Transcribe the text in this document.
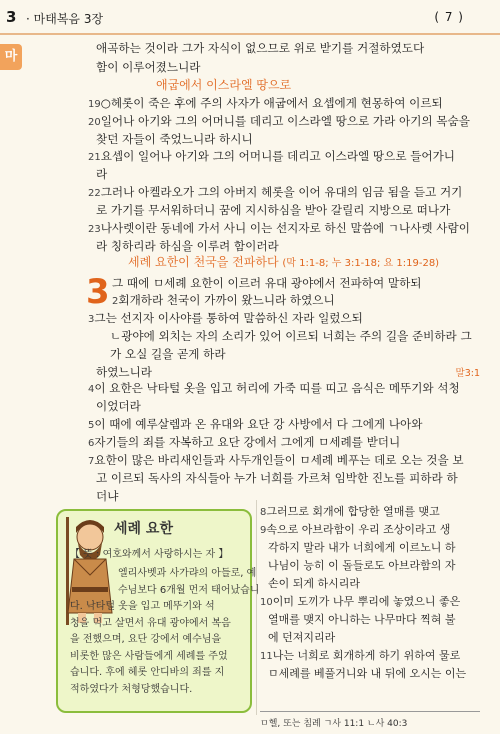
3 · 마태복음 3장	( 7 )
마
애곡하는 것이라 그가 자식이 없으므로 위로 받기를 거절하였도다
함이 이루어졌느니라
19○헤롯이 죽은 후에 주의 사자가 애굽에서 요셉에게 현몽하여 이르되
20일어나 아기와 그의 어머니를 데리고 이스라엘 땅으로 가라 아기의 목숨을
찾던 자들이 죽었느니라 하시니
21요셉이 일어나 아기와 그의 어머니를 데리고 이스라엘 땅으로 들어가니
라
22그러나 아켈라오가 그의 아버지 헤롯을 이어 유대의 임금 됨을 듣고 거기
로 가기를 무서워하더니 꿈에 지시하심을 받아 갈릴리 지방으로 떠나가
23나사렛이란 동네에 가서 사니 이는 선지자로 하신 말씀에 ㄱ나사렛 사람이
라 칭하리라 하심을 이루려 함이러라
그 때에 ㅁ세례 요한이 이르러 유대 광야에서 전파하여 말하되
2회개하라 천국이 가까이 왔느니라 하였으니
3그는 선지자 이사야를 통하여 말씀하신 자라 일렀으되
ㄴ광야에 외치는 자의 소리가 있어 이르되 너희는 주의 길을 준비하라 그
가 오실 길을 곧게 하라
하였느니라
4이 요한은 낙타털 옷을 입고 허리에 가죽 띠를 띠고 음식은 메뚜기와 석청
이었더라
5이 때에 예루살렘과 온 유대와 요단 강 사방에서 다 그에게 나아와
6자기들의 죄를 자복하고 요단 강에서 그에게 ㅁ세례를 받더니
7요한이 많은 바리새인들과 사두개인들이 ㅁ세례 베푸는 데로 오는 것을 보
고 이르되 독사의 자식들아 누가 너희를 가르쳐 임박한 진노를 피하라 하
더냐
애굽에서 이스라엘 땅으로
세례 요한이 천국을 전파하다 (막 1:1-8; 누 3:1-18; 요 1:19-28)
3
말3:1
8그러므로 회개에 합당한 열매를 맺고
9속으로 아브라함이 우리 조상이라고 생
각하지 말라 내가 너희에게 이르노니 하
나님이 능히 이 돌들로도 아브라함의 자
손이 되게 하시리라
10이미 도끼가 나무 뿌리에 놓였으니 좋은
열매를 맺지 아니하는 나무마다 찍혀 불
에 던져지리라
11나는 너희로 회개하게 하기 위하여 물로
ㅁ세례를 베풀거니와 내 뒤에 오시는 이는
세례 요한
【 뜻 : 여호와께서 사랑하시는 자 】
엘리사벳과 사가랴의 아들로, 예
수님보다 6개월 먼저 태어났습니
다. 낙타털 옷을 입고 메뚜기와 석
청을 먹고 살면서 유대 광야에서 복음
을 전했으며, 요단 강에서 예수님을
비롯한 많은 사람들에게 세례를 주었
습니다. 후에 헤롯 안디바의 죄를 지
적하였다가 처형당했습니다.
ㅁ헬, 또는 침례 ㄱ사 11:1 ㄴ사 40:3
